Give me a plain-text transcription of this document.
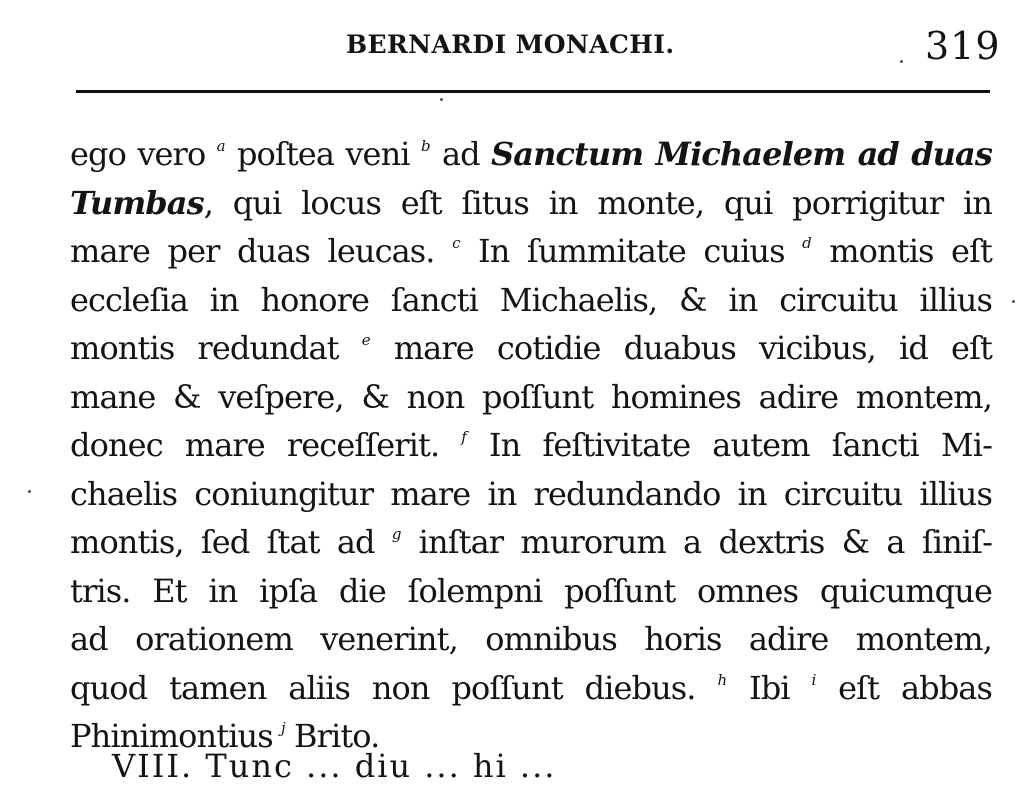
BERNARDI MONACHI.	319
ego vero $^a$ poſtea veni $^b$ ad Sanctum Michaelem ad duas
Tumbas, qui locus eſt ſitus in monte, qui porrigitur in
mare per duas leucas. $^c$ In ſummitate cuius $^d$ montis eſt
eccleſia in honore ſancti Michaelis, & in circuitu illius
montis redundat $^e$ mare cotidie duabus vicibus, id eſt
mane & veſpere, & non poſſunt homines adire montem,
donec mare receſſerit. $^f$ In feſtivitate autem ſancti Mi-
chaelis coniungitur mare in redundando in circuitu illius
montis, ſed ſtat ad $^g$ inſtar murorum a dextris & a ſiniſ-
tris. Et in ipſa die ſolempni poſſunt omnes quicumque
ad orationem venerint, omnibus horis adire montem,
quod tamen aliis non poſſunt diebus. $^h$ Ibi $^i$ eſt abbas
Phinimontius $^j$ Brito.
VIII. Tunc ... diu ... hi ...
